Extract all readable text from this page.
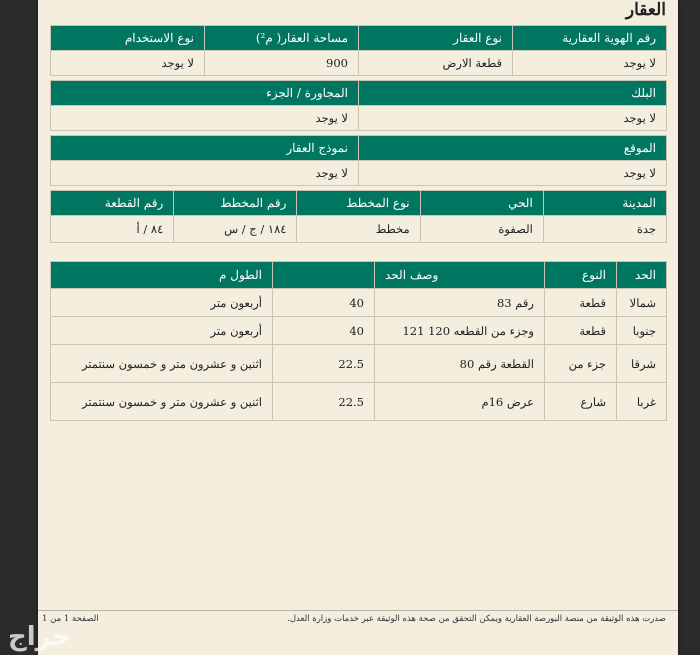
العقار
رقم الهوية العقارية	نوع العقار	مساحة العقار( م²)	نوع الاستخدام
لا يوجد	قطعة الارض	900	لا يوجد
البلك	المجاورة / الجزء
لا يوجد	لا يوجد
الموقع	نموذج العقار
لا يوجد	لا يوجد
المدينة	الحي	نوع المخطط	رقم المخطط	رقم القطعة
جدة	الصفوة	مخطط	١٨٤ / ج / س	٨٤ / أ
الحد	النوع	وصف الحد		الطول م
شمالا	قطعة	رقم 83	40	أربعون متر
جنوبا	قطعة	وجزء من القطعه 120 121	40	أربعون متر
شرقا	جزء من	القطعة رقم 80	22.5	اثنين و عشرون متر و خمسون سنتمتر
غربا	شارع	عرض 16م	22.5	اثنين و عشرون متر و خمسون سنتمتر
صدرت هذه الوثيقة من منصة البورصة العقارية ويمكن التحقق من صحة هذه الوثيقة عبر خدمات وزارة العدل.
الصفحة 1 من 1
حراج
